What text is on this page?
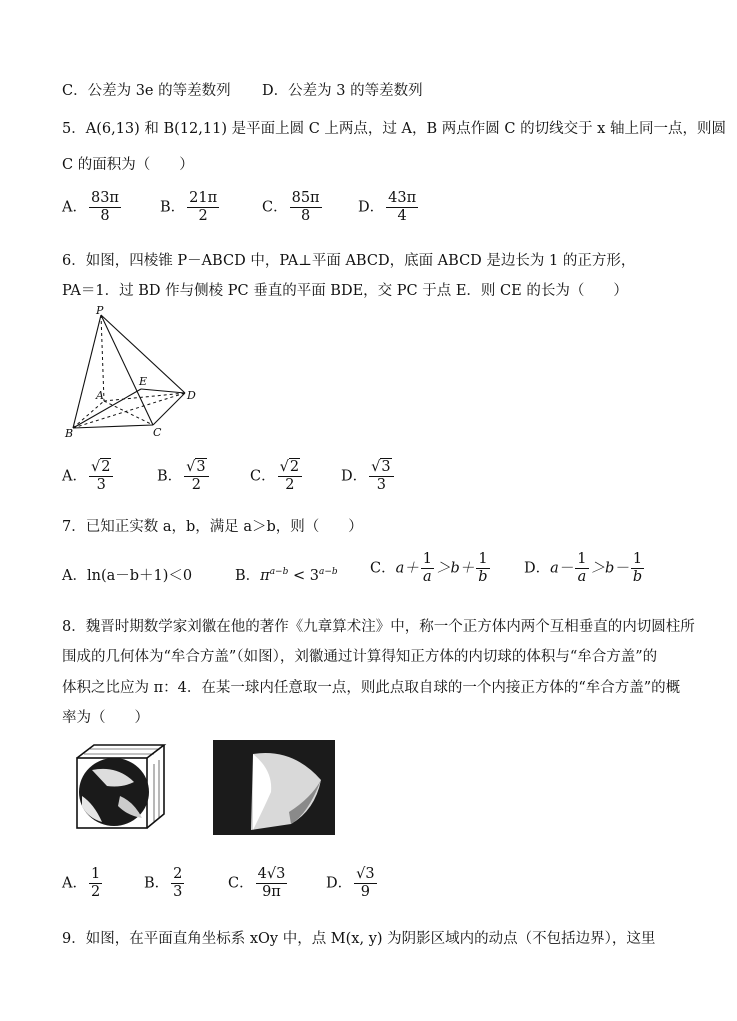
C．公差为 3e 的等差数列 D．公差为 3 的等差数列
5．A(6,13) 和 B(12,11) 是平面上圆 C 上两点，过 A，B 两点作圆 C 的切线交于 x 轴上同一点，则圆
C 的面积为（　　）
A． $\frac{83\pi}{8}$	B． $\frac{21\pi}{2}$	C． $\frac{85\pi}{8}$	D． $\frac{43\pi}{4}$
6．如图，四棱锥 P－ABCD 中，PA⊥平面 ABCD，底面 ABCD 是边长为 1 的正方形，
PA＝1．过 BD 作与侧棱 PC 垂直的平面 BDE，交 PC 于点 E．则 CE 的长为（　　）
P
A
B	C
D
E
A． $\frac{√2}{3}$	B． $\frac{√3}{2}$	C． $\frac{√2}{2}$	D． $\frac{√3}{3}$
7．已知正实数 a，b，满足 a＞b，则（　　）
A．ln(a－b＋1)＜0	B．$\pi^{a-b} < 3^{a-b}$ C．$a+ \frac{1}{a} >b+ \frac{1}{b}$ D．$a- \frac{1}{a} >b- \frac{1}{b}$
8．魏晋时期数学家刘徽在他的著作《九章算术注》中，称一个正方体内两个互相垂直的内切圆柱所
围成的几何体为“牟合方盖”（如图），刘徽通过计算得知正方体的内切球的体积与“牟合方盖”的
体积之比应为 π：4．在某一球内任意取一点，则此点取自球的一个内接正方体的“牟合方盖”的概
率为（　　）
A． $\frac{1}{2}$	B． $\frac{2}{3}$	C． $\frac{4√3}{9\pi}$	D． $\frac{√3}{9}$
9．如图，在平面直角坐标系 xOy 中，点 M(x, y) 为阴影区域内的动点（不包括边界），这里
